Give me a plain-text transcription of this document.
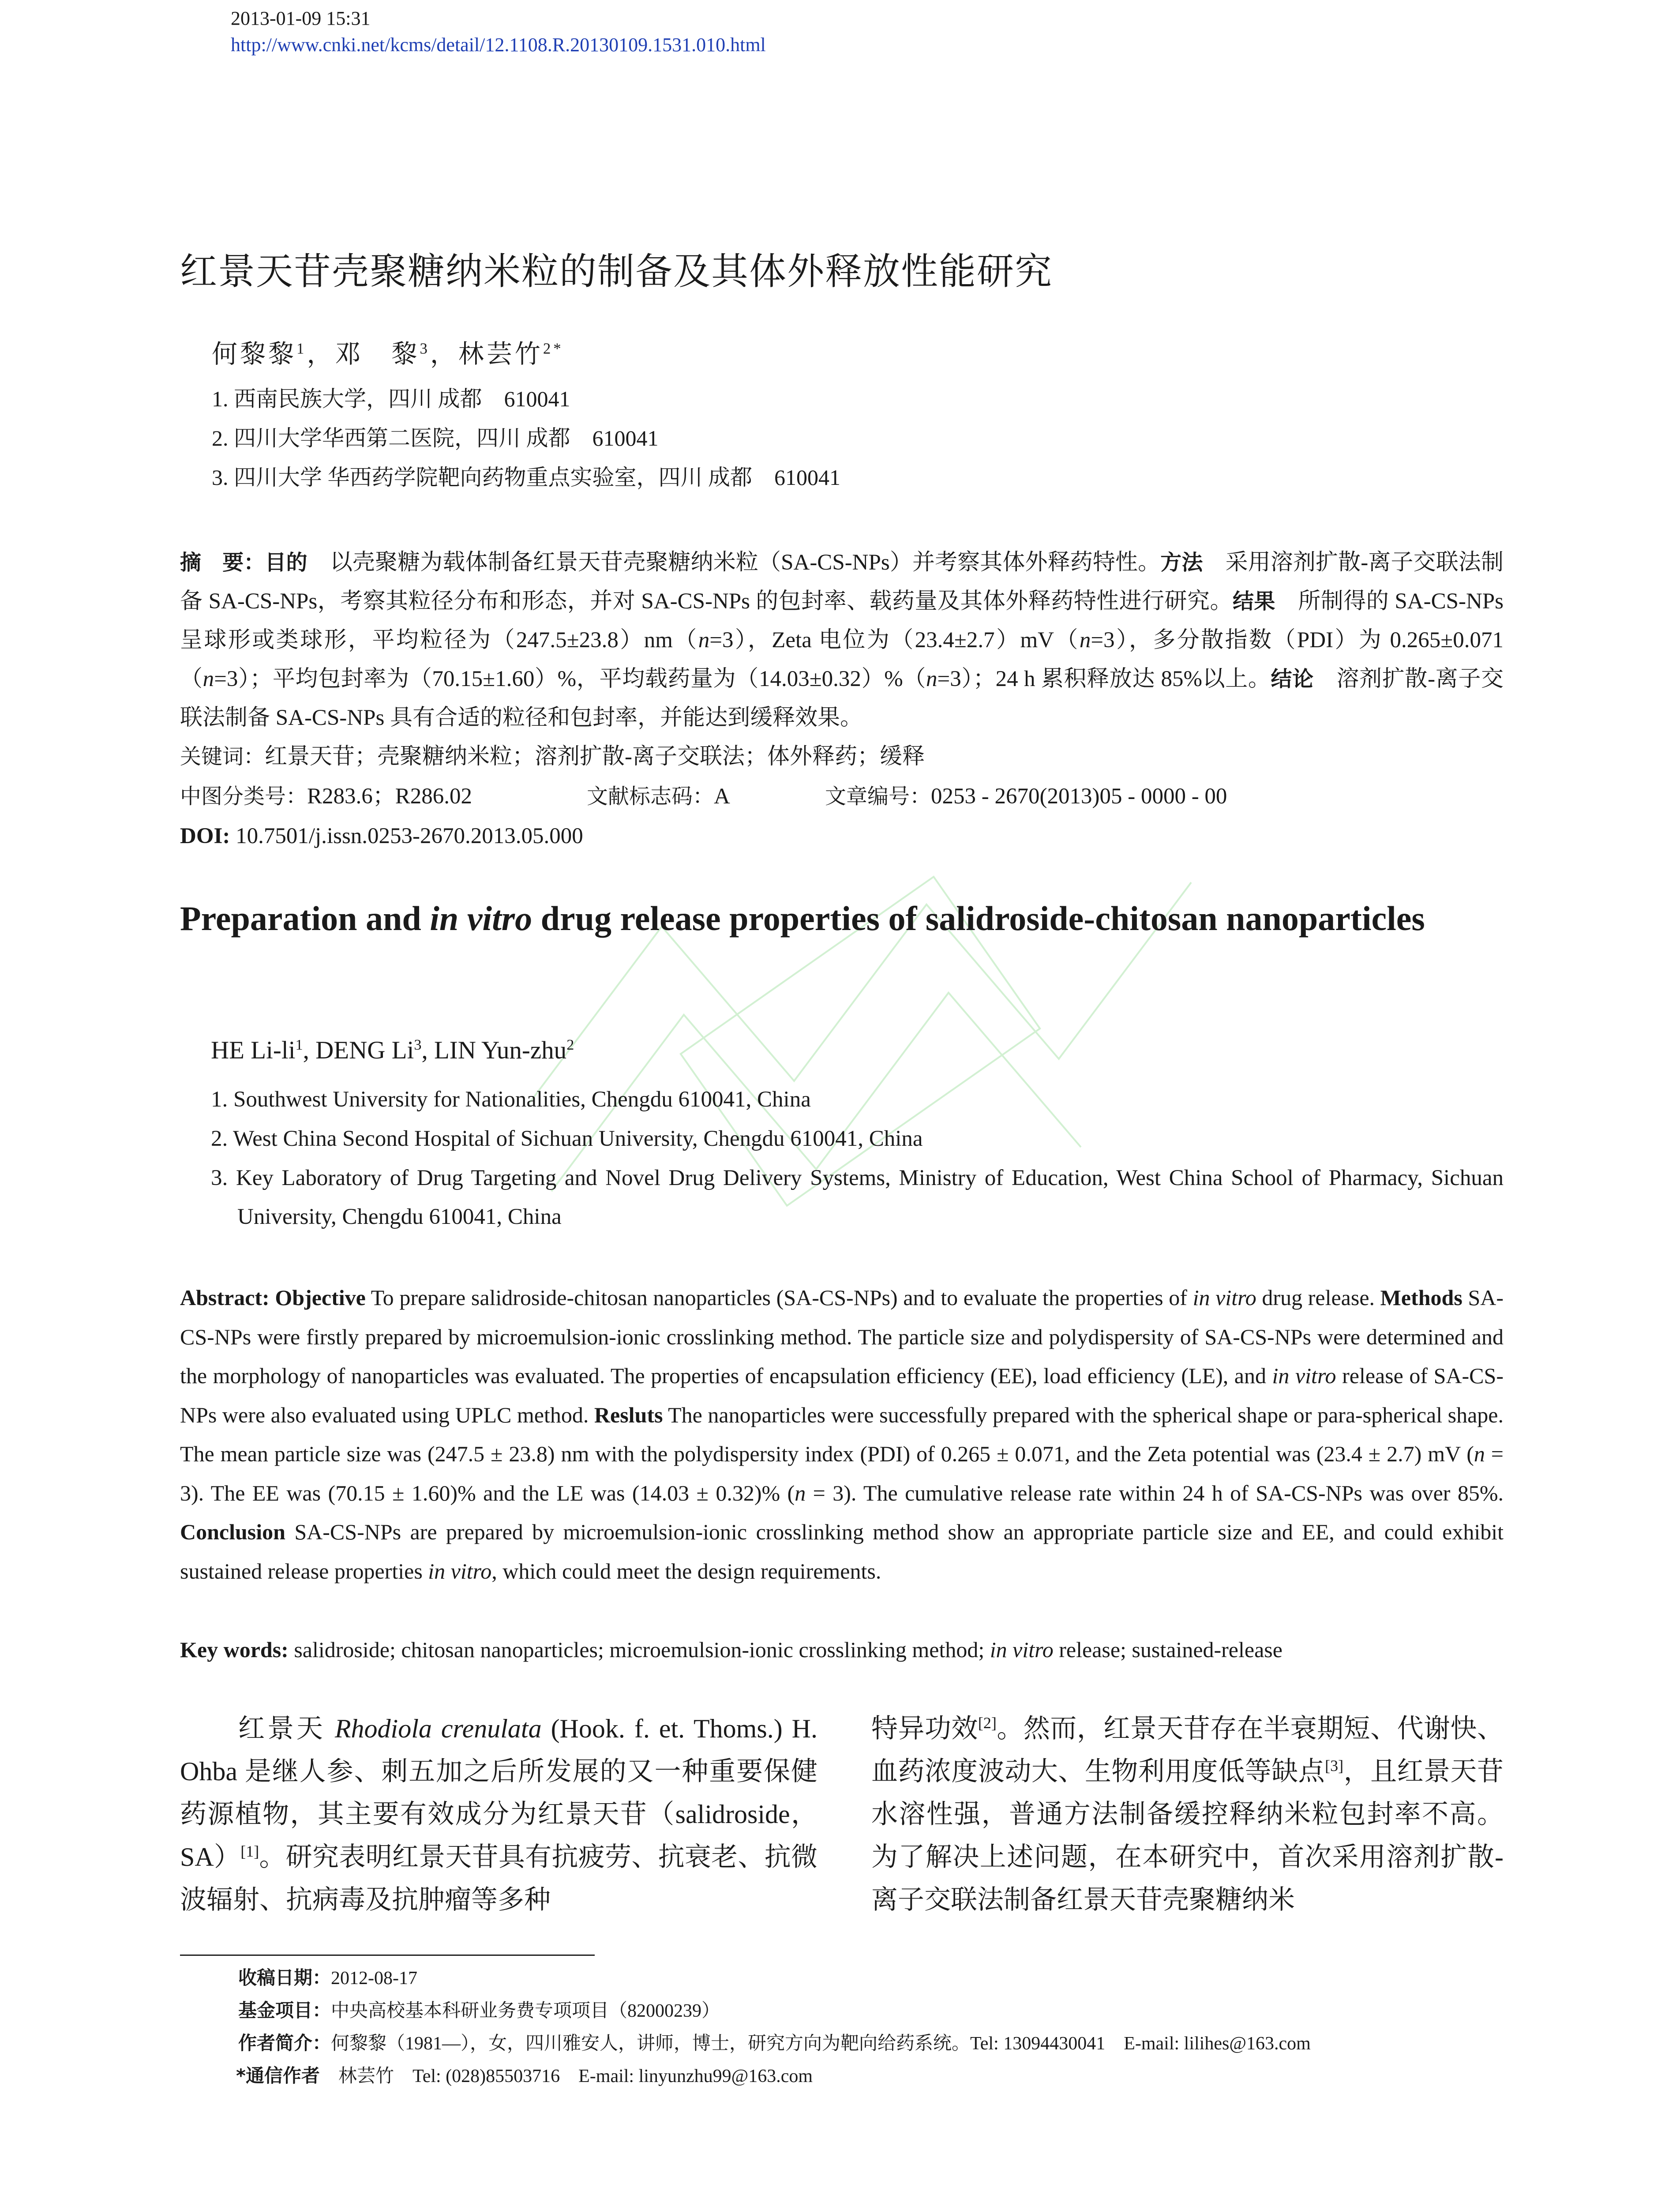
2013-01-09 15:31
http://www.cnki.net/kcms/detail/12.1108.R.20130109.1531.010.html
红景天苷壳聚糖纳米粒的制备及其体外释放性能研究
何黎黎$^1$，邓　黎$^3$，林芸竹$^{2*}$
1. 西南民族大学，四川 成都　610041
2. 四川大学华西第二医院，四川 成都　610041
3. 四川大学 华西药学院靶向药物重点实验室，四川 成都　610041
摘　要：目的　以壳聚糖为载体制备红景天苷壳聚糖纳米粒（SA-CS-NPs）并考察其体外释药特性。方法　采用溶剂扩散-离子交联法制备 SA-CS-NPs，考察其粒径分布和形态，并对 SA-CS-NPs 的包封率、载药量及其体外释药特性进行研究。结果　所制得的 SA-CS-NPs 呈球形或类球形，平均粒径为（247.5±23.8）nm（n=3），Zeta 电位为（23.4±2.7）mV（n=3），多分散指数（PDI）为 0.265±0.071（n=3）；平均包封率为（70.15±1.60）%，平均载药量为（14.03±0.32）%（n=3）；24 h 累积释放达 85%以上。结论　溶剂扩散-离子交联法制备 SA-CS-NPs 具有合适的粒径和包封率，并能达到缓释效果。
关键词：红景天苷；壳聚糖纳米粒；溶剂扩散-离子交联法；体外释药；缓释
中图分类号：R283.6；R286.02	文献标志码：A	文章编号：0253 - 2670(2013)05 - 0000 - 00
DOI: 10.7501/j.issn.0253-2670.2013.05.000
Preparation and in vitro drug release properties of salidroside-chitosan nanoparticles
HE $Li-li^1$, DENG Li$^3$, LIN Yun-zhu$^2$
1. Southwest University for Nationalities, Chengdu 610041, China
2. West China Second Hospital of Sichuan University, Chengdu 610041, China
3. Key Laboratory of Drug Targeting and Novel Drug Delivery Systems, Ministry of Education, West China School of Pharmacy, Sichuan University, Chengdu 610041, China
Abstract: Objective To prepare salidroside-chitosan nanoparticles (SA-CS-NPs) and to evaluate the properties of in vitro drug release. Methods SA-CS-NPs were firstly prepared by microemulsion-ionic crosslinking method. The particle size and polydispersity of SA-CS-NPs were determined and the morphology of nanoparticles was evaluated. The properties of encapsulation efficiency (EE), load efficiency (LE), and in vitro release of SA-CS-NPs were also evaluated using UPLC method. Resluts The nanoparticles were successfully prepared with the spherical shape or para-spherical shape. The mean particle size was (247.5 ± 23.8) nm with the polydispersity index (PDI) of 0.265 ± 0.071, and the Zeta potential was (23.4 ± 2.7) mV (n = 3). The EE was (70.15 ± 1.60)% and the LE was (14.03 ± 0.32)% (n = 3). The cumulative release rate within 24 h of SA-CS-NPs was over 85%. Conclusion SA-CS-NPs are prepared by microemulsion-ionic crosslinking method show an appropriate particle size and EE, and could exhibit sustained release properties in vitro, which could meet the design requirements.
Key words: salidroside; chitosan nanoparticles; microemulsion-ionic crosslinking method; in vitro release; sustained-release
　　红景天 Rhodiola crenulata (Hook. f. et. Thoms.) H. Ohba 是继人参、刺五加之后所发展的又一种重要保健药源植物，其主要有效成分为红景天苷（salidroside，SA）[1]。研究表明红景天苷具有抗疲劳、抗衰老、抗微波辐射、抗病毒及抗肿瘤等多种
特异功效[2]。然而，红景天苷存在半衰期短、代谢快、血药浓度波动大、生物利用度低等缺点[3]，且红景天苷水溶性强，普通方法制备缓控释纳米粒包封率不高。为了解决上述问题，在本研究中，首次采用溶剂扩散-离子交联法制备红景天苷壳聚糖纳米
收稿日期：2012-08-17
基金项目：中央高校基本科研业务费专项项目（82000239）
作者简介：何黎黎（1981—），女，四川雅安人，讲师，博士，研究方向为靶向给药系统。Tel: 13094430041　E-mail: lilihes@163.com
*通信作者　林芸竹　Tel: (028)85503716　E-mail: linyunzhu99@163.com
